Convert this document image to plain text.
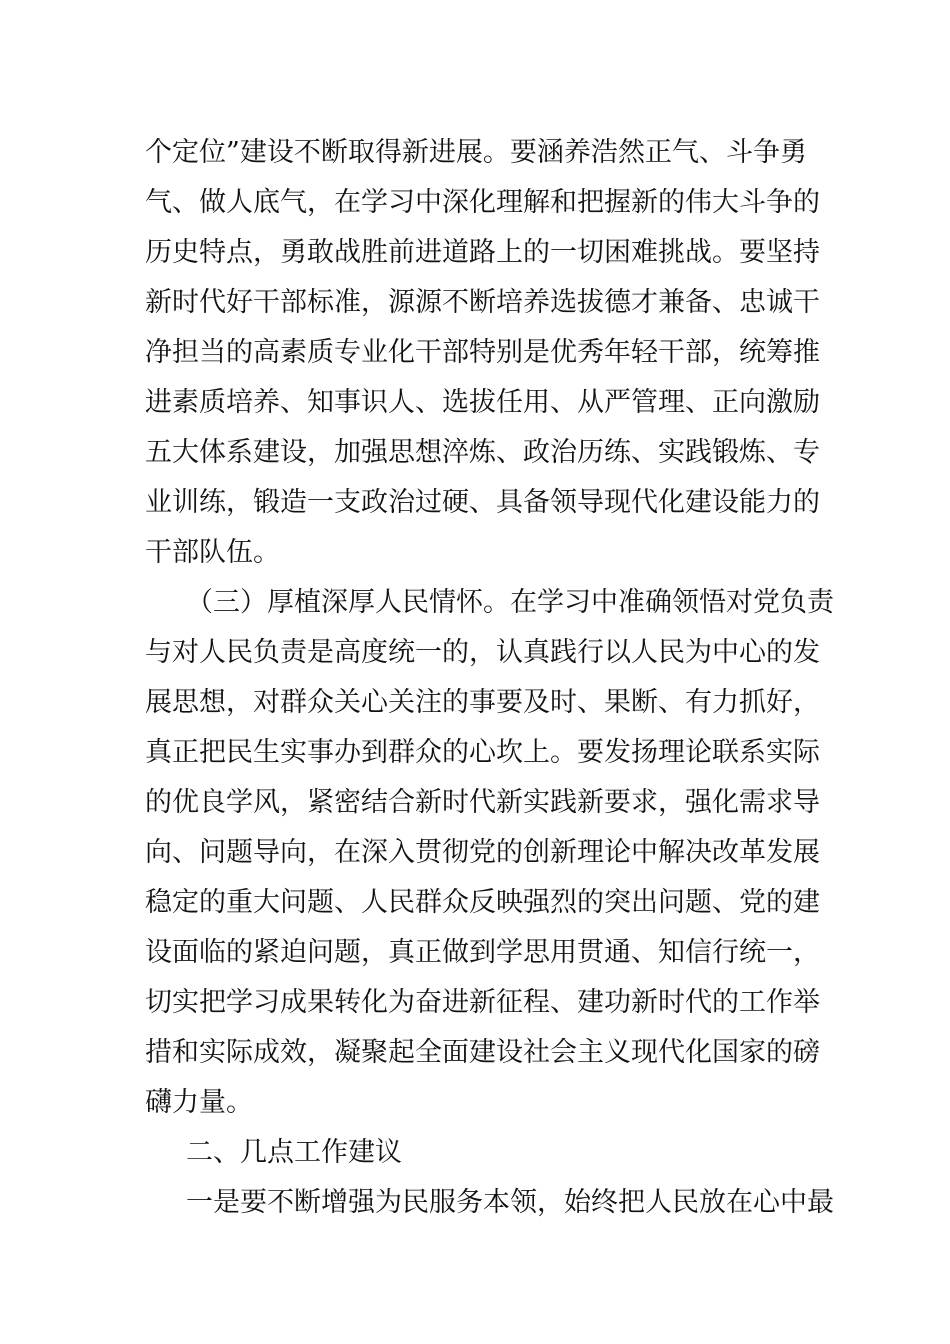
个定位”建设不断取得新进展。要涵养浩然正气、斗争勇
气、做人底气，在学习中深化理解和把握新的伟大斗争的
历史特点，勇敢战胜前进道路上的一切困难挑战。要坚持
新时代好干部标准，源源不断培养选拔德才兼备、忠诚干
净担当的高素质专业化干部特别是优秀年轻干部，统筹推
进素质培养、知事识人、选拔任用、从严管理、正向激励
五大体系建设，加强思想淬炼、政治历练、实践锻炼、专
业训练，锻造一支政治过硬、具备领导现代化建设能力的
干部队伍。
（三）厚植深厚人民情怀。在学习中准确领悟对党负责
与对人民负责是高度统一的，认真践行以人民为中心的发
展思想，对群众关心关注的事要及时、果断、有力抓好，
真正把民生实事办到群众的心坎上。要发扬理论联系实际
的优良学风，紧密结合新时代新实践新要求，强化需求导
向、问题导向，在深入贯彻党的创新理论中解决改革发展
稳定的重大问题、人民群众反映强烈的突出问题、党的建
设面临的紧迫问题，真正做到学思用贯通、知信行统一，
切实把学习成果转化为奋进新征程、建功新时代的工作举
措和实际成效，凝聚起全面建设社会主义现代化国家的磅
礴力量。
二、几点工作建议
一是要不断增强为民服务本领，始终把人民放在心中最
